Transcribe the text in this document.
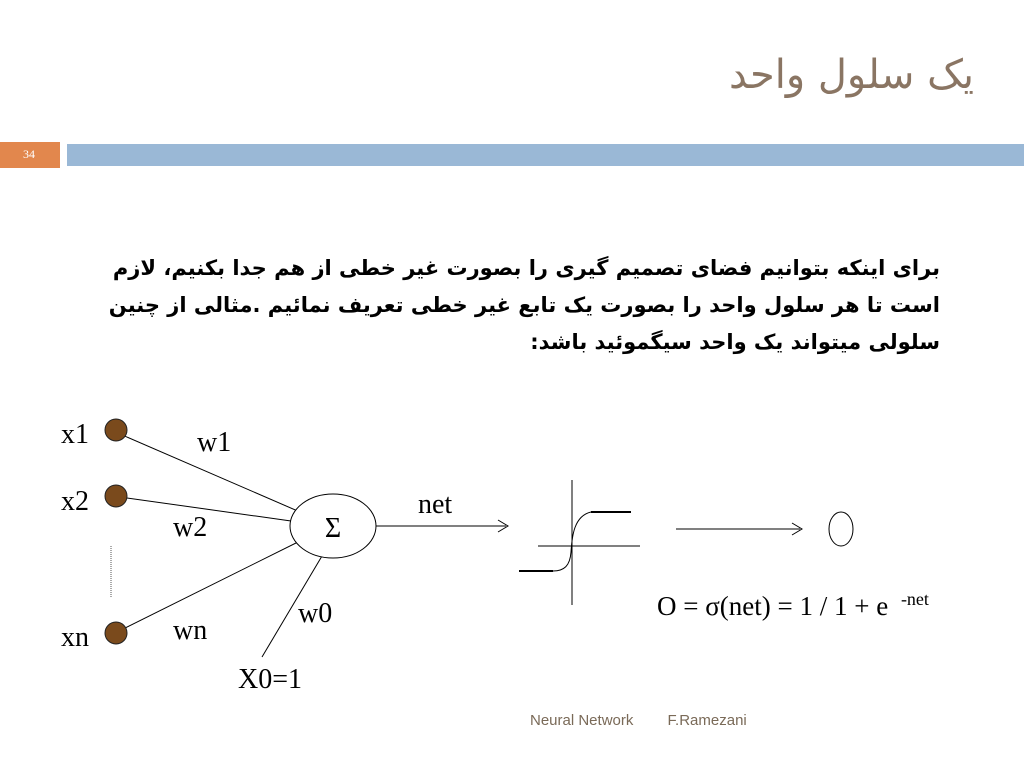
یک سلول واحد
34
برای اینکه بتوانیم فضای تصمیم گیری را بصورت غیر خطی از هم جدا بکنیم، لازم است تا هر سلول واحد را بصورت یک تابع غیر خطی تعریف نمائیم .مثالی از چنین سلولی میتواند یک واحد سیگموئید باشد:
x1
x2
xn
w1
w2
wn
w0
X0=1
Σ
net
O = σ(net) = 1 / 1 + e $^{-net}$
Neural Network F.Ramezani
